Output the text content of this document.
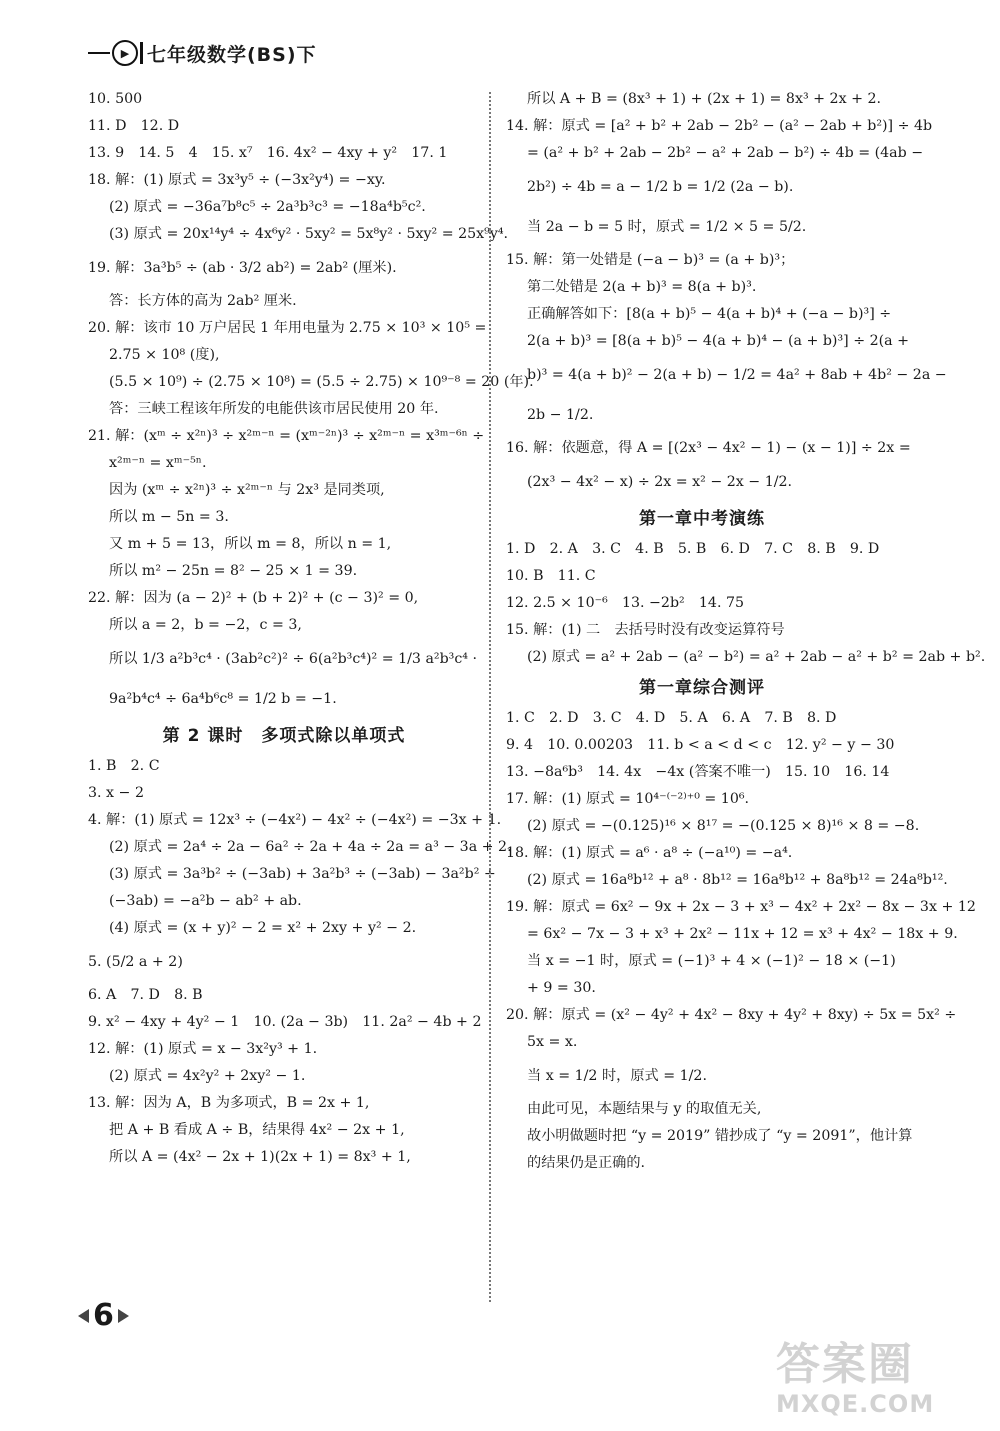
▶ 七年级数学(BS)下
10. 500
11. D　12. D
13. 9　14. 5　4　15. x⁷　16. 4x² − 4xy + y²　17. 1
18. 解：(1) 原式 = 3x³y⁵ ÷ (−3x²y⁴) = −xy.
(2) 原式 = −36a⁷b⁸c⁵ ÷ 2a³b³c³ = −18a⁴b⁵c².
(3) 原式 = 20x¹⁴y⁴ ÷ 4x⁶y² · 5xy² = 5x⁸y² · 5xy² = 25x⁹y⁴.
19. 解：3a³b⁵ ÷ (ab · 3/2 ab²) = 2ab² (厘米).
答：长方体的高为 2ab² 厘米.
20. 解：该市 10 万户居民 1 年用电量为 2.75 × 10³ × 10⁵ =
2.75 × 10⁸ (度),
(5.5 × 10⁹) ÷ (2.75 × 10⁸) = (5.5 ÷ 2.75) × 10⁹⁻⁸ = 20 (年).
答：三峡工程该年所发的电能供该市居民使用 20 年.
21. 解：(xᵐ ÷ x²ⁿ)³ ÷ x²ᵐ⁻ⁿ = (xᵐ⁻²ⁿ)³ ÷ x²ᵐ⁻ⁿ = x³ᵐ⁻⁶ⁿ ÷
x²ᵐ⁻ⁿ = xᵐ⁻⁵ⁿ.
因为 (xᵐ ÷ x²ⁿ)³ ÷ x²ᵐ⁻ⁿ 与 2x³ 是同类项,
所以 m − 5n = 3.
又 m + 5 = 13，所以 m = 8，所以 n = 1,
所以 m² − 25n = 8² − 25 × 1 = 39.
22. 解：因为 (a − 2)² + (b + 2)² + (c − 3)² = 0,
所以 a = 2，b = −2，c = 3,
所以 1/3 a²b³c⁴ · (3ab²c²)² ÷ 6(a²b³c⁴)² = 1/3 a²b³c⁴ ·
9a²b⁴c⁴ ÷ 6a⁴b⁶c⁸ = 1/2 b = −1.
第 2 课时　多项式除以单项式
1. B　2. C
3. x − 2
4. 解：(1) 原式 = 12x³ ÷ (−4x²) − 4x² ÷ (−4x²) = −3x + 1.
(2) 原式 = 2a⁴ ÷ 2a − 6a² ÷ 2a + 4a ÷ 2a = a³ − 3a + 2.
(3) 原式 = 3a³b² ÷ (−3ab) + 3a²b³ ÷ (−3ab) − 3a²b² ÷
(−3ab) = −a²b − ab² + ab.
(4) 原式 = (x + y)² − 2 = x² + 2xy + y² − 2.
5. (5/2 a + 2)
6. A　7. D　8. B
9. x² − 4xy + 4y² − 1　10. (2a − 3b)　11. 2a² − 4b + 2
12. 解：(1) 原式 = x − 3x²y³ + 1.
(2) 原式 = 4x²y² + 2xy² − 1.
13. 解：因为 A，B 为多项式，B = 2x + 1,
把 A + B 看成 A ÷ B，结果得 4x² − 2x + 1,
所以 A = (4x² − 2x + 1)(2x + 1) = 8x³ + 1,
所以 A + B = (8x³ + 1) + (2x + 1) = 8x³ + 2x + 2.
14. 解：原式 = [a² + b² + 2ab − 2b² − (a² − 2ab + b²)] ÷ 4b
= (a² + b² + 2ab − 2b² − a² + 2ab − b²) ÷ 4b = (4ab −
2b²) ÷ 4b = a − 1/2 b = 1/2 (2a − b).
当 2a − b = 5 时，原式 = 1/2 × 5 = 5/2.
15. 解：第一处错是 (−a − b)³ = (a + b)³；
第二处错是 2(a + b)³ = 8(a + b)³.
正确解答如下：[8(a + b)⁵ − 4(a + b)⁴ + (−a − b)³] ÷
2(a + b)³ = [8(a + b)⁵ − 4(a + b)⁴ − (a + b)³] ÷ 2(a +
b)³ = 4(a + b)² − 2(a + b) − 1/2 = 4a² + 8ab + 4b² − 2a −
2b − 1/2.
16. 解：依题意，得 A = [(2x³ − 4x² − 1) − (x − 1)] ÷ 2x =
(2x³ − 4x² − x) ÷ 2x = x² − 2x − 1/2.
第一章中考演练
1. D　2. A　3. C　4. B　5. B　6. D　7. C　8. B　9. D
10. B　11. C
12. 2.5 × 10⁻⁶　13. −2b²　14. 75
15. 解：(1) 二　去括号时没有改变运算符号
(2) 原式 = a² + 2ab − (a² − b²) = a² + 2ab − a² + b² = 2ab + b².
第一章综合测评
1. C　2. D　3. C　4. D　5. A　6. A　7. B　8. D
9. 4　10. 0.00203　11. b < a < d < c　12. y² − y − 30
13. −8a⁶b³　14. 4x　−4x (答案不唯一)　15. 10　16. 14
17. 解：(1) 原式 = 10⁴⁻⁽⁻²⁾⁺⁰ = 10⁶.
(2) 原式 = −(0.125)¹⁶ × 8¹⁷ = −(0.125 × 8)¹⁶ × 8 = −8.
18. 解：(1) 原式 = a⁶ · a⁸ ÷ (−a¹⁰) = −a⁴.
(2) 原式 = 16a⁸b¹² + a⁸ · 8b¹² = 16a⁸b¹² + 8a⁸b¹² = 24a⁸b¹².
19. 解：原式 = 6x² − 9x + 2x − 3 + x³ − 4x² + 2x² − 8x − 3x + 12
= 6x² − 7x − 3 + x³ + 2x² − 11x + 12 = x³ + 4x² − 18x + 9.
当 x = −1 时，原式 = (−1)³ + 4 × (−1)² − 18 × (−1)
+ 9 = 30.
20. 解：原式 = (x² − 4y² + 4x² − 8xy + 4y² + 8xy) ÷ 5x = 5x² ÷
5x = x.
当 x = 1/2 时，原式 = 1/2.
由此可见，本题结果与 y 的取值无关,
故小明做题时把 “y = 2019” 错抄成了 “y = 2091”，他计算
的结果仍是正确的.
6
答案圈
MXQE.COM
